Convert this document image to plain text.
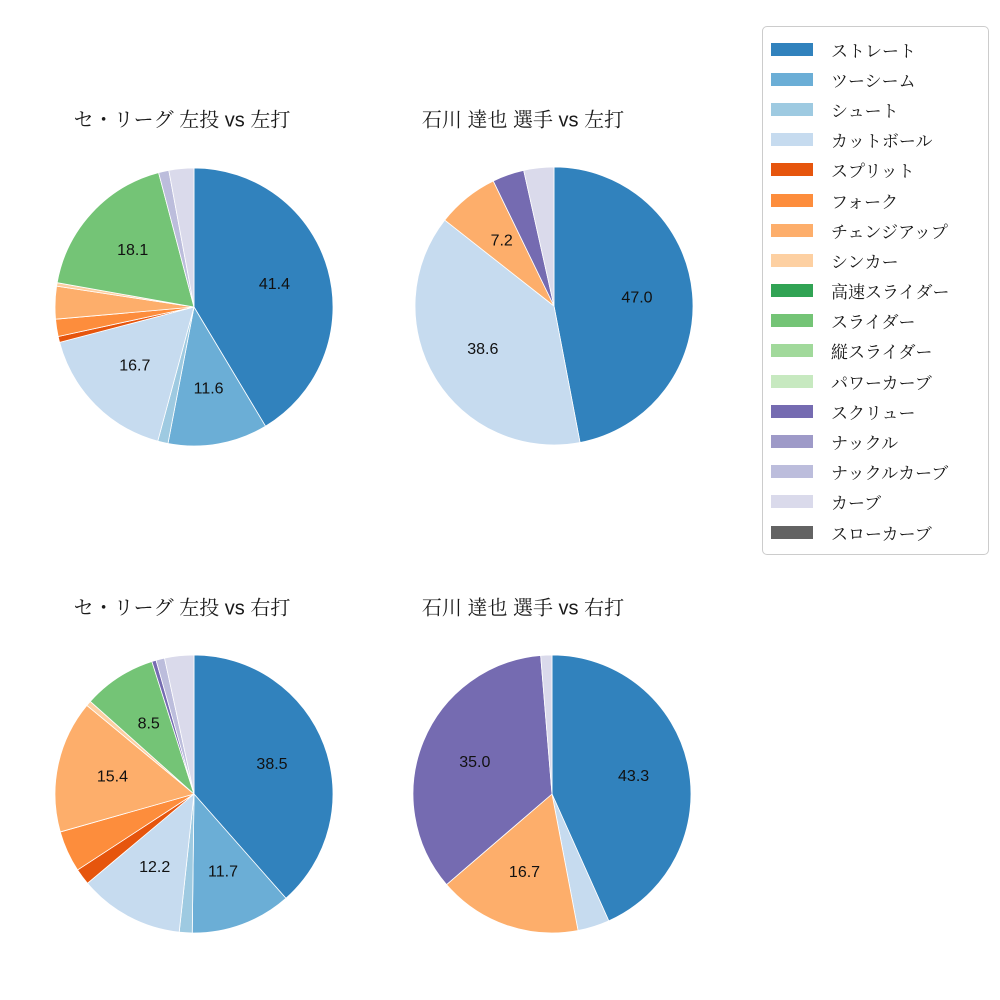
セ・リーグ 左投 vs 左打	石川 達也 選手 vs 左打
セ・リーグ 左投 vs 右打	石川 達也 選手 vs 右打
41.4
11.6
16.7
18.1
47.0
38.6
7.2
38.5
11.7
12.2
15.4
8.5
43.3
16.7
35.0
ストレート
ツーシーム
シュート
カットボール
スプリット
フォーク
チェンジアップ
シンカー
高速スライダー
スライダー
縦スライダー
パワーカーブ
スクリュー
ナックル
ナックルカーブ
カーブ
スローカーブ
